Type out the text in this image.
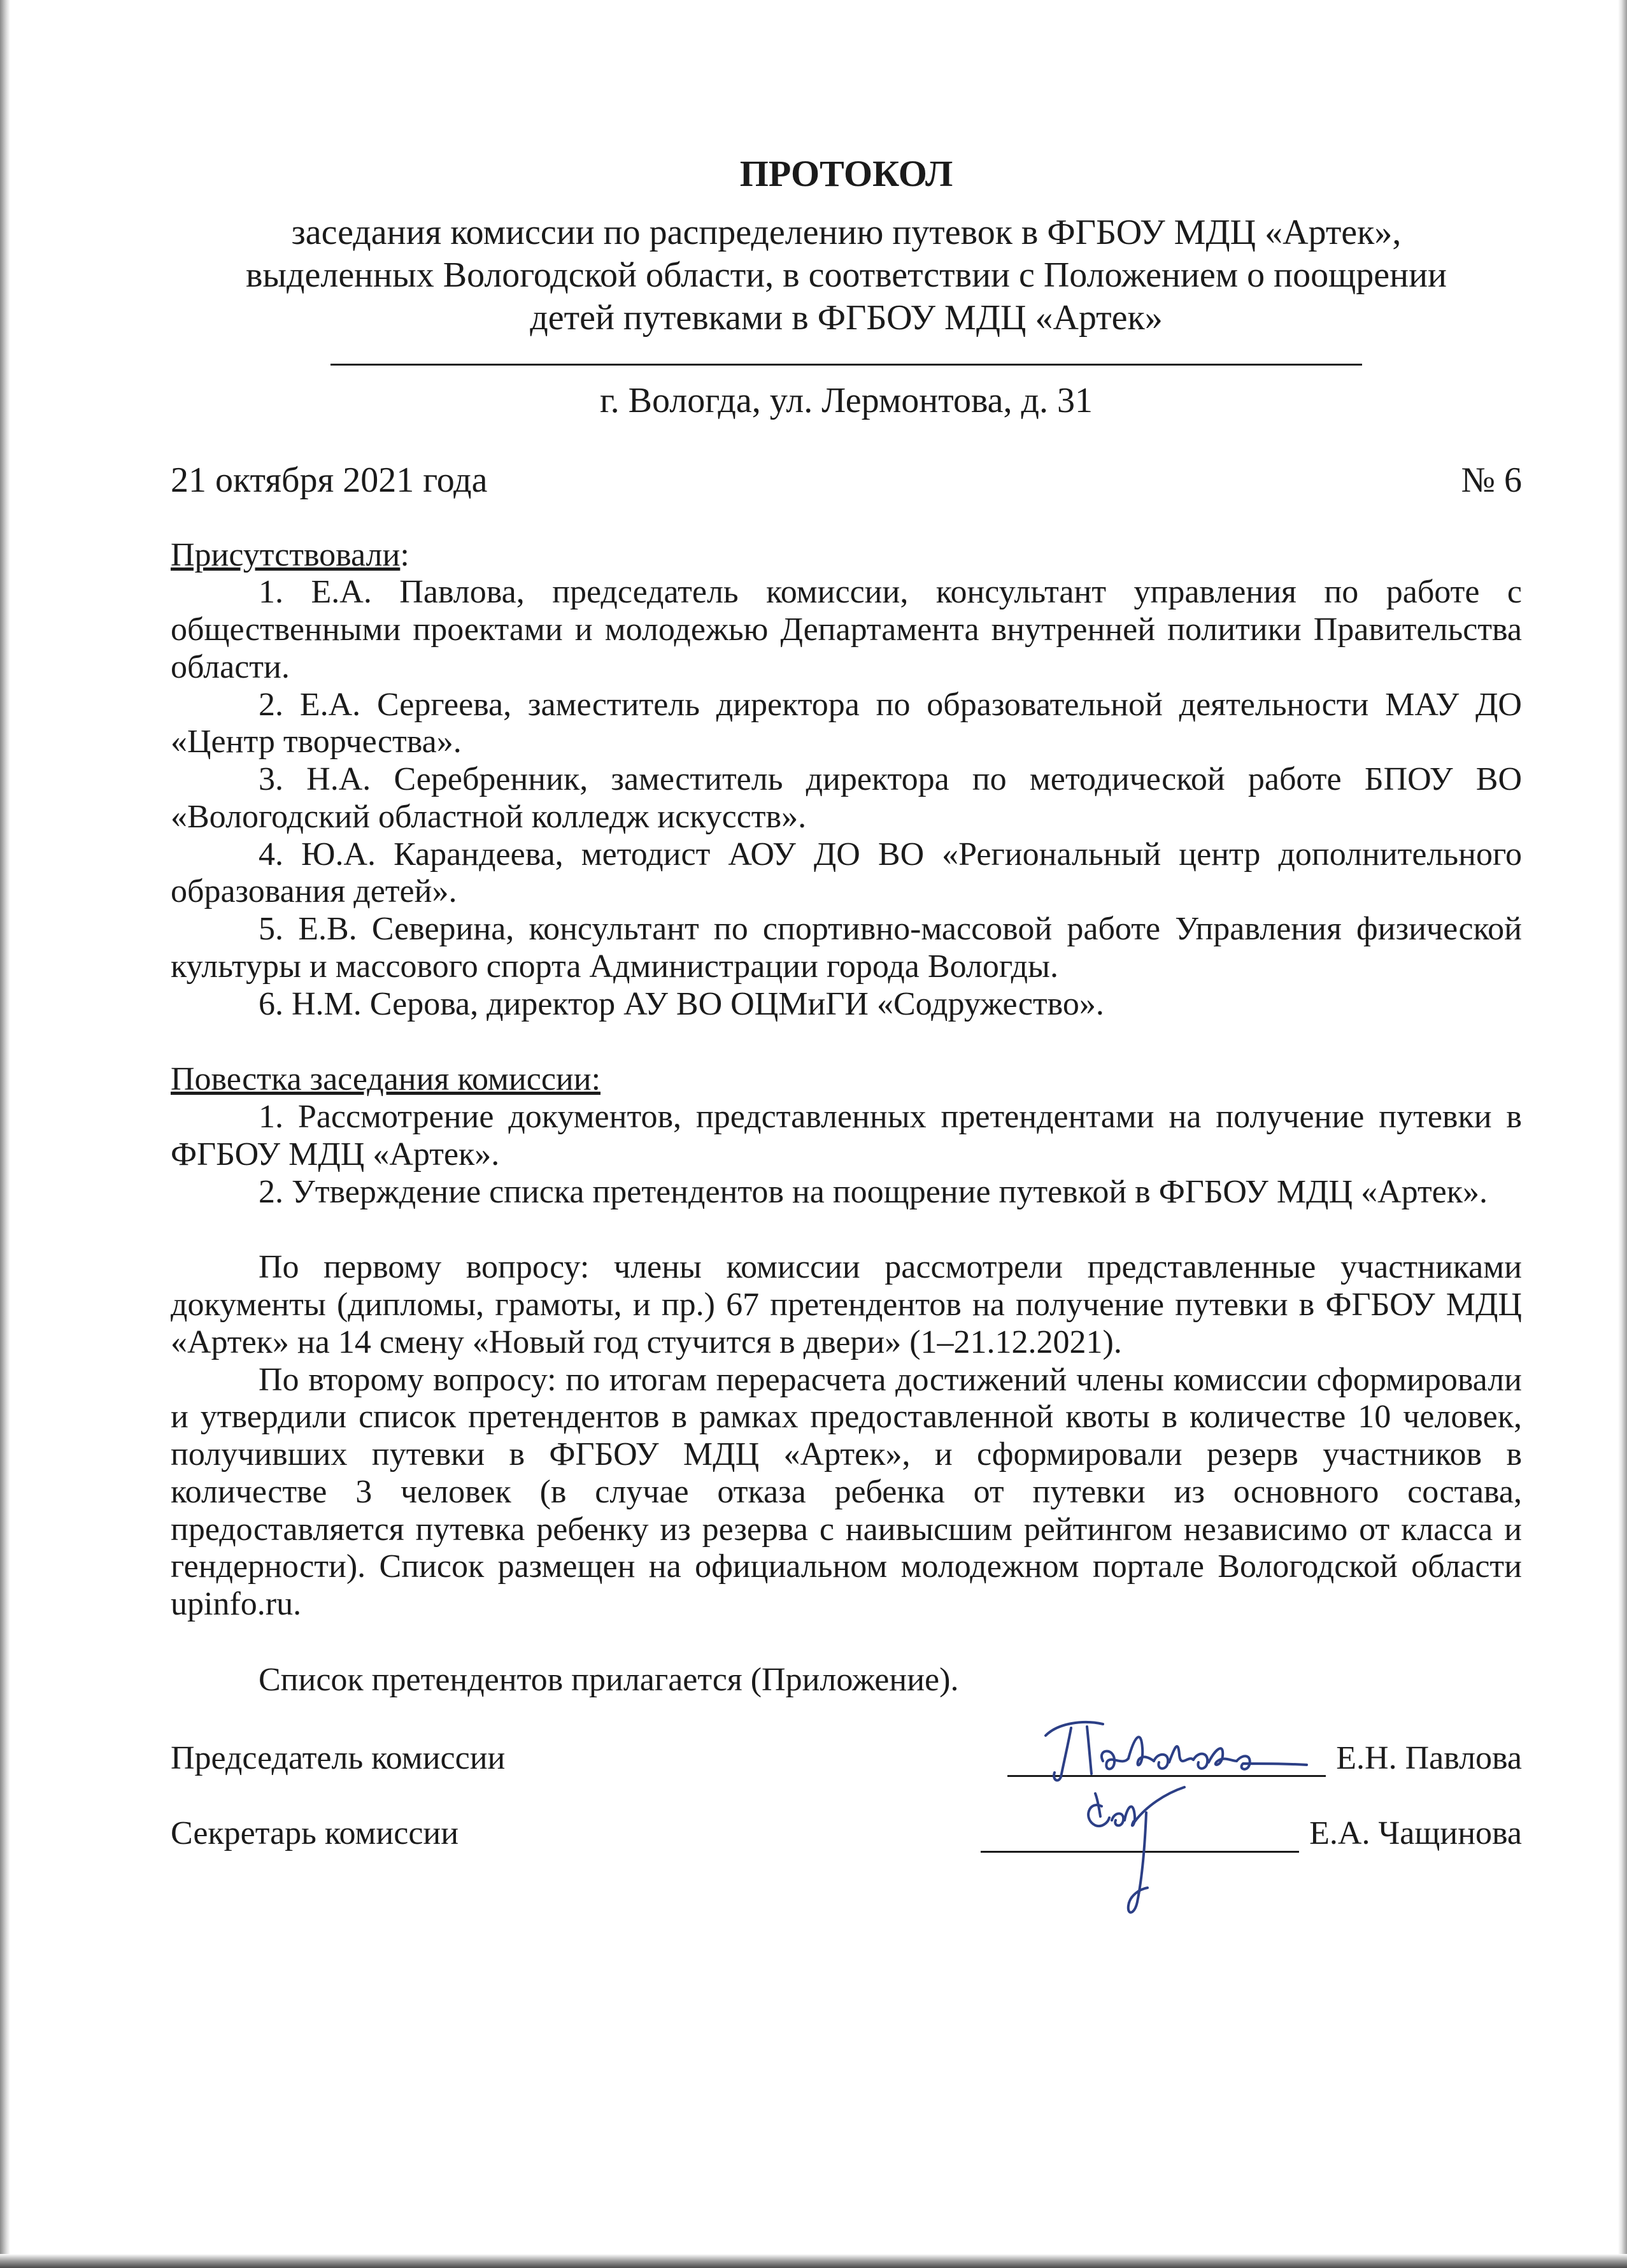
ПРОТОКОЛ

заседания комиссии по распределению путевок в ФГБОУ МДЦ «Артек»,
выделенных Вологодской области, в соответствии с Положением о поощрении
детей путевками в ФГБОУ МДЦ «Артек»

г. Вологда, ул. Лермонтова, д. 31

21 октября 2021 года	№ 6

Присутствовали:

1. Е.А. Павлова, председатель комиссии, консультант управления по работе с общественными проектами и молодежью Департамента внутренней политики Правительства области.

2. Е.А. Сергеева, заместитель директора по образовательной деятельности МАУ ДО «Центр творчества».

3. Н.А. Серебренник, заместитель директора по методической работе БПОУ ВО «Вологодский областной колледж искусств».

4. Ю.А. Карандеева, методист АОУ ДО ВО «Региональный центр дополнительного образования детей».

5. Е.В. Северина, консультант по спортивно-массовой работе Управления физической культуры и массового спорта Администрации города Вологды.

6. Н.М. Серова, директор АУ ВО ОЦМиГИ «Содружество».

Повестка заседания комиссии:

1. Рассмотрение документов, представленных претендентами на получение путевки в ФГБОУ МДЦ «Артек».

2. Утверждение списка претендентов на поощрение путевкой в ФГБОУ МДЦ «Артек».

По первому вопросу: члены комиссии рассмотрели представленные участниками документы (дипломы, грамоты, и пр.) 67 претендентов на получение путевки в ФГБОУ МДЦ «Артек» на 14 смену «Новый год стучится в двери» (1–21.12.2021).

По второму вопросу: по итогам перерасчета достижений члены комиссии сформировали и утвердили список претендентов в рамках предоставленной квоты в количестве 10 человек, получивших путевки в ФГБОУ МДЦ «Артек», и сформировали резерв участников в количестве 3 человек (в случае отказа ребенка от путевки из основного состава, предоставляется путевка ребенку из резерва с наивысшим рейтингом независимо от класса и гендерности). Список размещен на официальном молодежном портале Вологодской области upinfo.ru.

Список претендентов прилагается (Приложение).

Председатель комиссии	Е.Н. Павлова
Секретарь комиссии	Е.А. Чащинова
